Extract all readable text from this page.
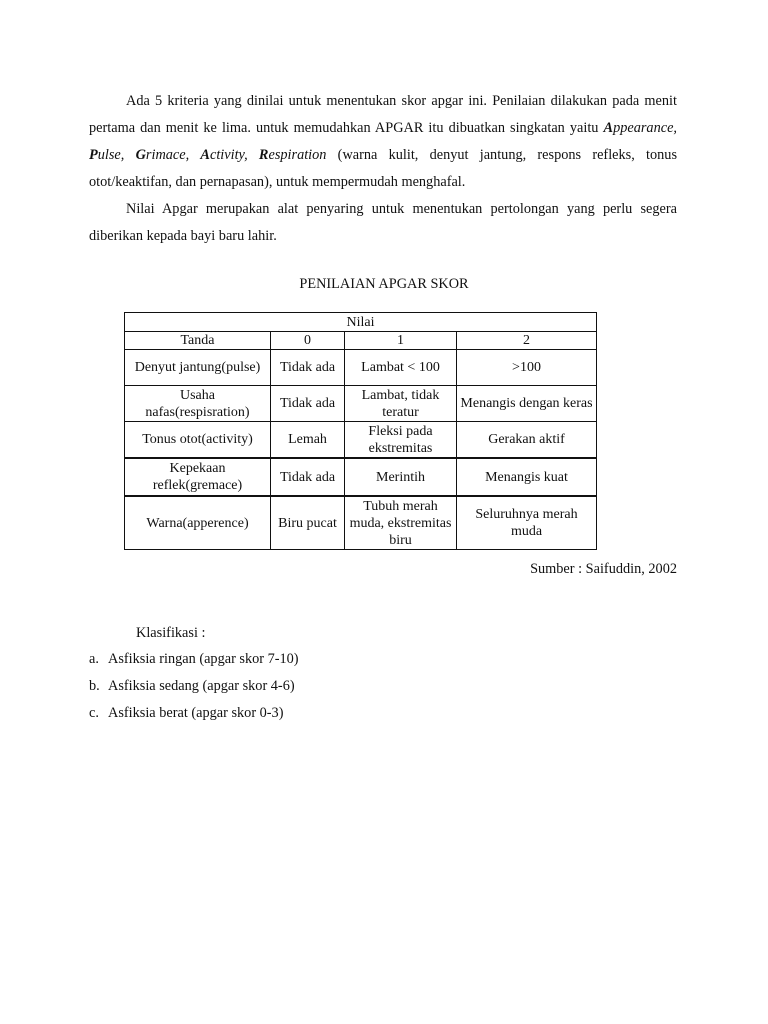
Ada 5 kriteria yang dinilai untuk menentukan skor apgar ini. Penilaian dilakukan pada menit pertama dan menit ke lima. untuk memudahkan APGAR itu dibuatkan singkatan yaitu Appearance, Pulse, Grimace, Activity, Respiration (warna kulit, denyut jantung, respons refleks, tonus otot/keaktifan, dan pernapasan), untuk mempermudah menghafal.

Nilai Apgar merupakan alat penyaring untuk menentukan pertolongan yang perlu segera diberikan kepada bayi baru lahir.

PENILAIAN APGAR SKOR

Nilai			
Tanda	0	1	2
Denyut jantung(pulse)	Tidak ada	Lambat < 100	>100
Usaha nafas(respisration)	Tidak ada	Lambat, tidak teratur	Menangis dengan keras
Tonus otot(activity)	Lemah	Fleksi pada ekstremitas	Gerakan aktif
Kepekaan reflek(gremace)	Tidak ada	Merintih	Menangis kuat
Warna(apperence)	Biru pucat	Tubuh merah muda, ekstremitas biru	Seluruhnya merah muda

Sumber : Saifuddin, 2002

Klasifikasi :

a. Asfiksia ringan (apgar skor 7-10)
b. Asfiksia sedang (apgar skor 4-6)
c. Asfiksia berat (apgar skor 0-3)
